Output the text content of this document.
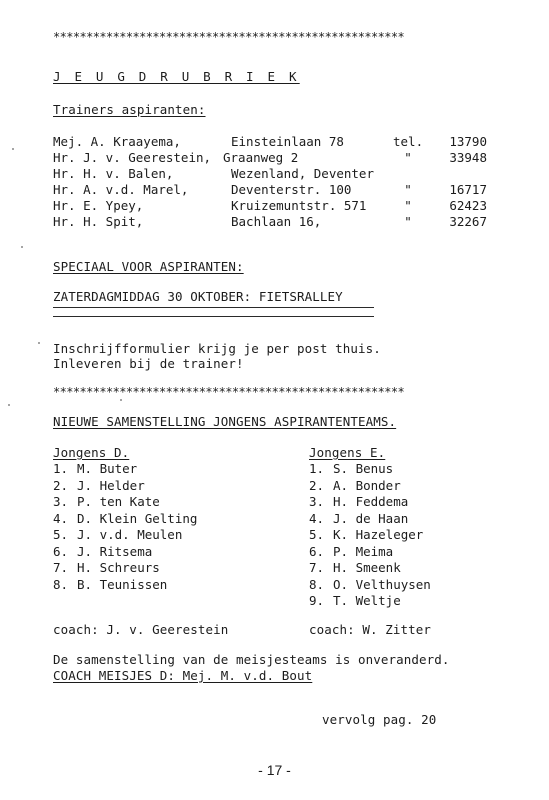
*****************************************************
J E U G D R U B R I E K
Trainers aspiranten:
Mej. A. Kraayema,	Einsteinlaan 78	tel.	13790
Hr. J. v. Geerestein, Graanweg 2	"	33948
Hr. H. v. Balen,	Wezenland, Deventer
Hr. A. v.d. Marel,	Deventerstr. 100	"	16717
Hr. E. Ypey,	Kruizemuntstr. 571	"	62423
Hr. H. Spit,	Bachlaan 16,	"	32267
SPECIAAL VOOR ASPIRANTEN:
ZATERDAGMIDDAG 30 OKTOBER: FIETSRALLEY
Inschrijfformulier krijg je per post thuis.
Inleveren bij de trainer!
*****************************************************
NIEUWE SAMENSTELLING JONGENS ASPIRANTENTEAMS.
Jongens D.
1. M. Buter
2. J. Helder
3. P. ten Kate
4. D. Klein Gelting
5. J. v.d. Meulen
6. J. Ritsema
7. H. Schreurs
8. B. Teunissen
Jongens E.
1. S. Benus
2. A. Bonder
3. H. Feddema
4. J. de Haan
5. K. Hazeleger
6. P. Meima
7. H. Smeenk
8. O. Velthuysen
9. T. Weltje
coach: J. v. Geerestein	coach: W. Zitter
De samenstelling van de meisjesteams is onveranderd.
COACH MEISJES D: Mej. M. v.d. Bout
vervolg pag. 20
- 17 -
